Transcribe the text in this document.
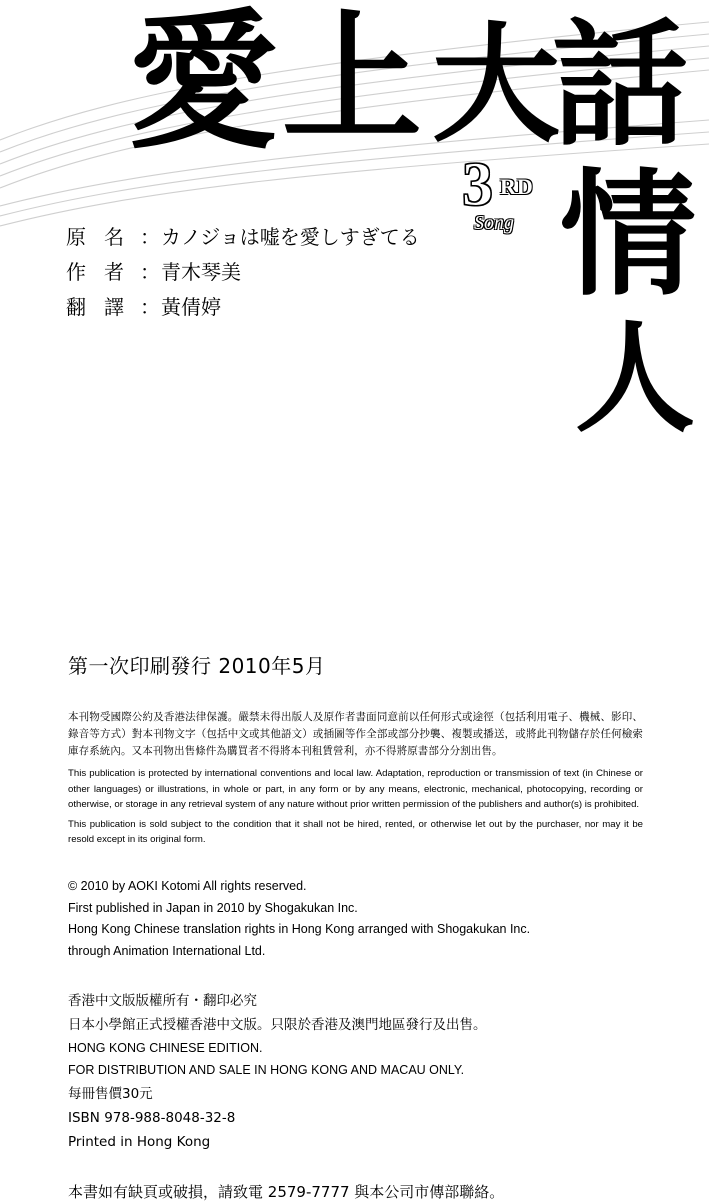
愛 上 大
話
情
人
3 RD
Song
原名
： カノジョは嘘を愛しすぎてる
作者
： 青木琴美
翻譯
： 黃倩婷
第一次印刷發行 2010年5月
本刊物受國際公約及香港法律保護。嚴禁未得出版人及原作者書面同意前以任何形式或途徑（包括利用電子、機械、影印、錄音等方式）對本刊物文字（包括中文或其他語文）或插圖等作全部或部分抄襲、複製或播送，或將此刊物儲存於任何檢索庫存系統內。又本刊物出售條件為購買者不得將本刊租賃營利，亦不得將原書部分分割出售。
This publication is protected by international conventions and local law. Adaptation, reproduction or transmission of text (in Chinese or other languages) or illustrations, in whole or part, in any form or by any means, electronic, mechanical, photocopying, recording or otherwise, or storage in any retrieval system of any nature without prior written permission of the publishers and author(s) is prohibited.
This publication is sold subject to the condition that it shall not be hired, rented, or otherwise let out by the purchaser, nor may it be resold except in its original form.
© 2010 by AOKI Kotomi All rights reserved.
First published in Japan in 2010 by Shogakukan Inc.
Hong Kong Chinese translation rights in Hong Kong arranged with Shogakukan Inc.
through Animation International Ltd.
香港中文版版權所有・翻印必究
日本小學館正式授權香港中文版。只限於香港及澳門地區發行及出售。
HONG KONG CHINESE EDITION.
FOR DISTRIBUTION AND SALE IN HONG KONG AND MACAU ONLY.
每冊售價30元
ISBN 978-988-8048-32-8
Printed in Hong Kong
本書如有缺頁或破損，請致電 2579-7777 與本公司市傳部聯絡。
